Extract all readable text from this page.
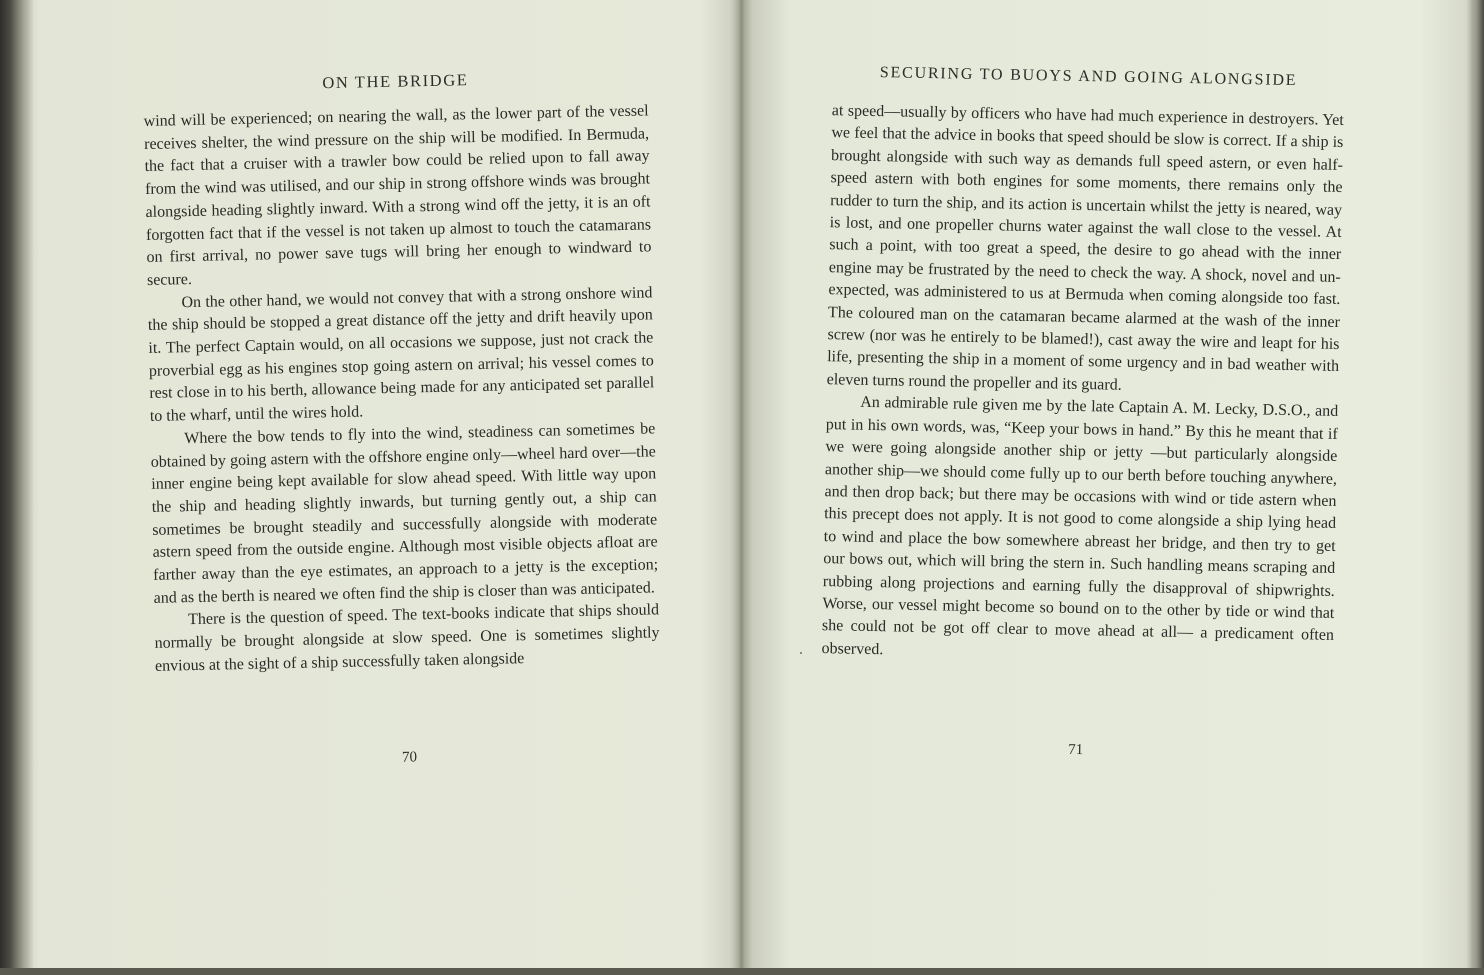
ON THE BRIDGE

wind will be experienced; on nearing the wall, as the lower part of the vessel receives shelter, the wind pressure on the ship will be modified. In Bermuda, the fact that a cruiser with a trawler bow could be relied upon to fall away from the wind was utilised, and our ship in strong offshore winds was brought alongside heading slightly inward. With a strong wind off the jetty, it is an oft forgotten fact that if the vessel is not taken up almost to touch the catamarans on first arrival, no power save tugs will bring her enough to windward to secure.

On the other hand, we would not convey that with a strong onshore wind the ship should be stopped a great distance off the jetty and drift heavily upon it. The perfect Captain would, on all occasions we suppose, just not crack the proverbial egg as his engines stop going astern on arrival; his vessel comes to rest close in to his berth, allowance being made for any anticipated set parallel to the wharf, until the wires hold.

Where the bow tends to fly into the wind, steadiness can sometimes be obtained by going astern with the offshore engine only—wheel hard over—the inner engine being kept available for slow ahead speed. With little way upon the ship and heading slightly inwards, but turning gently out, a ship can sometimes be brought steadily and successfully alongside with moderate astern speed from the outside engine. Although most visible objects afloat are farther away than the eye estimates, an approach to a jetty is the exception; and as the berth is neared we often find the ship is closer than was anticipated.

There is the question of speed. The text-books indicate that ships should normally be brought alongside at slow speed. One is sometimes slightly envious at the sight of a ship successfully taken alongside

70
SECURING TO BUOYS AND GOING ALONGSIDE

at speed—usually by officers who have had much experience in destroyers. Yet we feel that the advice in books that speed should be slow is correct. If a ship is brought alongside with such way as demands full speed astern, or even half-speed astern with both engines for some moments, there remains only the rudder to turn the ship, and its action is uncertain whilst the jetty is neared, way is lost, and one propeller churns water against the wall close to the vessel. At such a point, with too great a speed, the desire to go ahead with the inner engine may be frustrated by the need to check the way. A shock, novel and unexpected, was administered to us at Bermuda when coming alongside too fast. The coloured man on the catamaran became alarmed at the wash of the inner screw (nor was he entirely to be blamed!), cast away the wire and leapt for his life, presenting the ship in a moment of some urgency and in bad weather with eleven turns round the propeller and its guard.

An admirable rule given me by the late Captain A. M. Lecky, D.S.O., and put in his own words, was, “Keep your bows in hand.” By this he meant that if we were going alongside another ship or jetty —but particularly alongside another ship—we should come fully up to our berth before touching anywhere, and then drop back; but there may be occasions with wind or tide astern when this precept does not apply. It is not good to come alongside a ship lying head to wind and place the bow somewhere abreast her bridge, and then try to get our bows out, which will bring the stern in. Such handling means scraping and rubbing along projections and earning fully the disapproval of shipwrights. Worse, our vessel might become so bound on to the other by tide or wind that she could not be got off clear to move ahead at all— a predicament often observed.

71
